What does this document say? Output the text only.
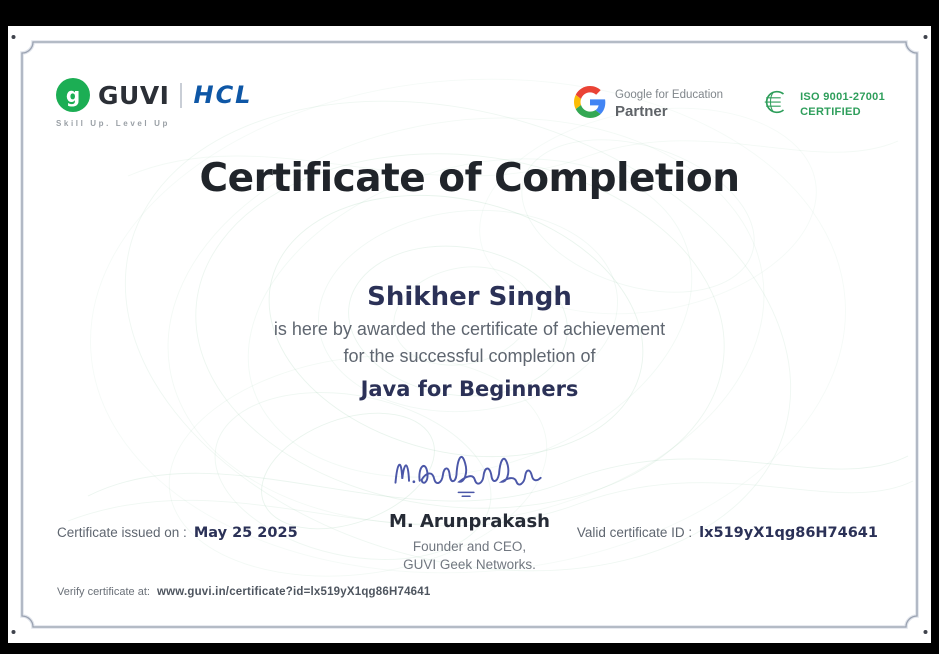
g GUVI HCL
Skill Up. Level Up
Google for Education
Partner
ISO 9001-27001
CERTIFIED
Certificate of Completion
Shikher Singh
is here by awarded the certificate of achievement
for the successful completion of
Java for Beginners
M. Arunprakash
Founder and CEO,
GUVI Geek Networks.
Certificate issued on : May 25 2025	Valid certificate ID : lx519yX1qg86H74641
Verify certificate at: www.guvi.in/certificate?id=lx519yX1qg86H74641
